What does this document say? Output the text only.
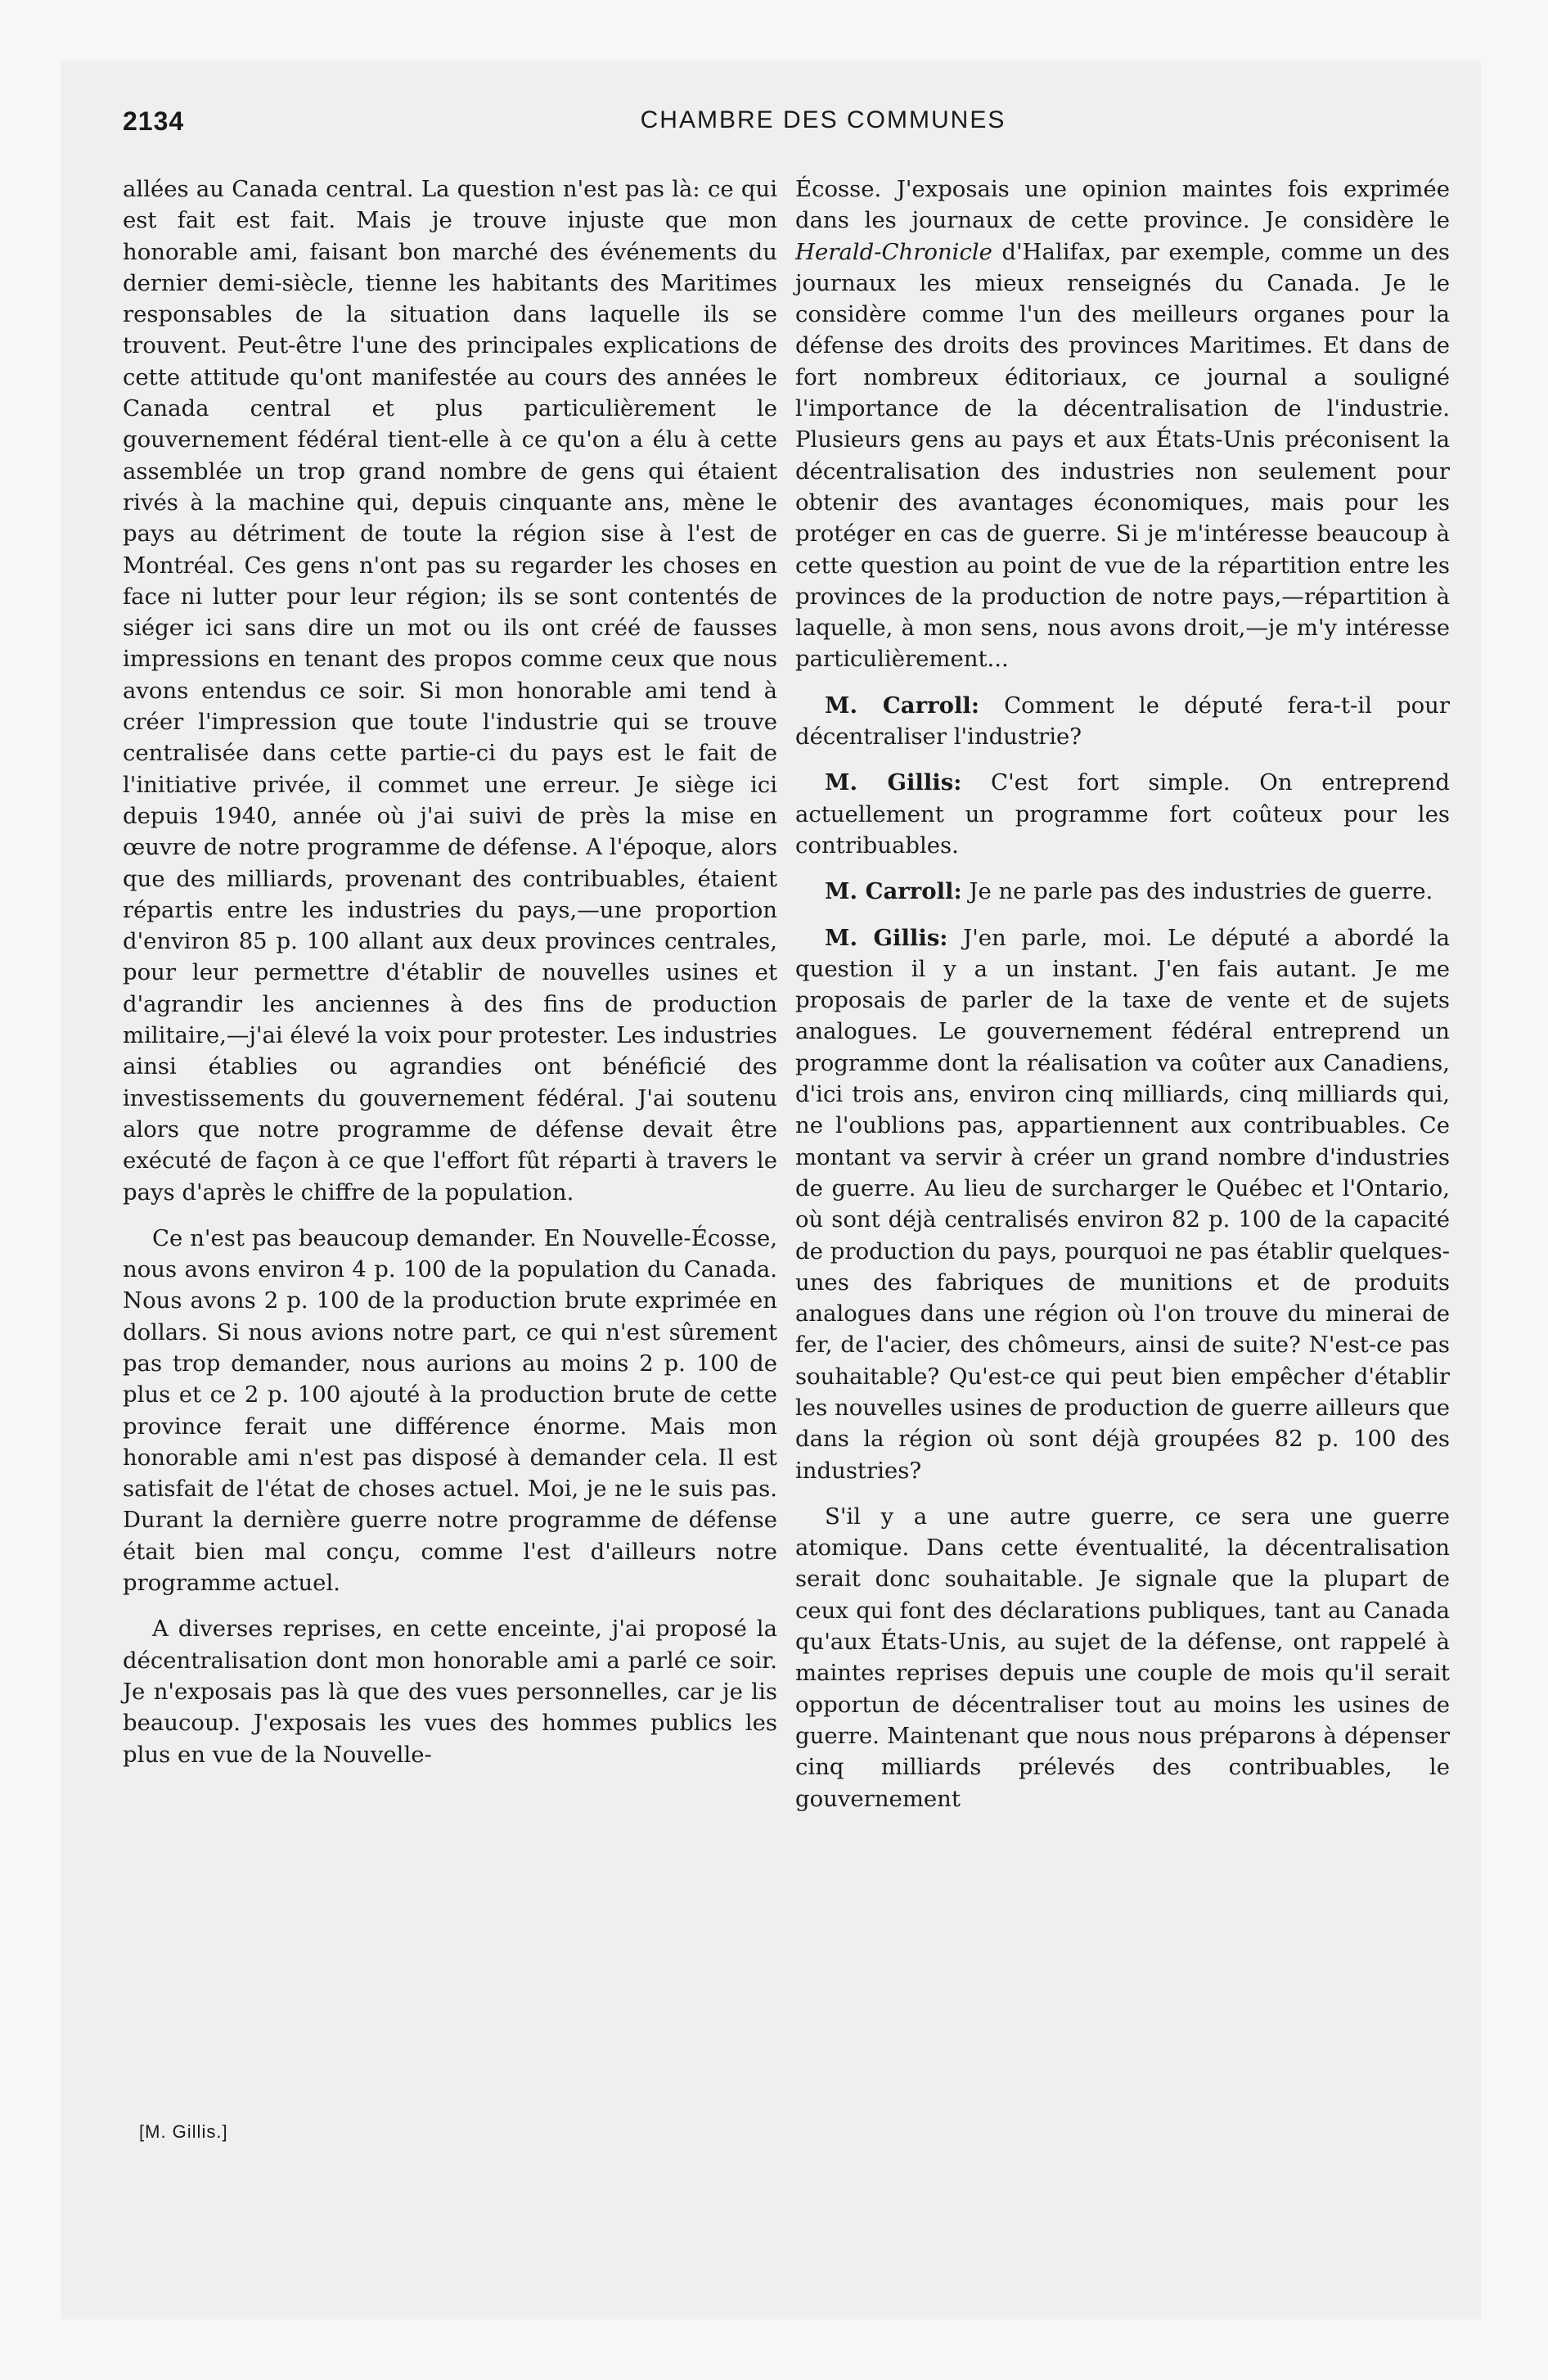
2134	CHAMBRE DES COMMUNES

allées au Canada central. La question n'est pas là: ce qui est fait est fait. Mais je trouve injuste que mon honorable ami, faisant bon marché des événements du dernier demi-siècle, tienne les habitants des Maritimes responsables de la situation dans laquelle ils se trouvent. Peut-être l'une des principales explications de cette attitude qu'ont manifestée au cours des années le Canada central et plus particulièrement le gouvernement fédéral tient-elle à ce qu'on a élu à cette assemblée un trop grand nombre de gens qui étaient rivés à la machine qui, depuis cinquante ans, mène le pays au détriment de toute la région sise à l'est de Montréal. Ces gens n'ont pas su regarder les choses en face ni lutter pour leur région; ils se sont contentés de siéger ici sans dire un mot ou ils ont créé de fausses impressions en tenant des propos comme ceux que nous avons entendus ce soir. Si mon honorable ami tend à créer l'impression que toute l'industrie qui se trouve centralisée dans cette partie-ci du pays est le fait de l'initiative privée, il commet une erreur. Je siège ici depuis 1940, année où j'ai suivi de près la mise en œuvre de notre programme de défense. A l'époque, alors que des milliards, provenant des contribuables, étaient répartis entre les industries du pays,—une proportion d'environ 85 p. 100 allant aux deux provinces centrales, pour leur permettre d'établir de nouvelles usines et d'agrandir les anciennes à des fins de production militaire,—j'ai élevé la voix pour protester. Les industries ainsi établies ou agrandies ont bénéficié des investissements du gouvernement fédéral. J'ai soutenu alors que notre programme de défense devait être exécuté de façon à ce que l'effort fût réparti à travers le pays d'après le chiffre de la population.

Ce n'est pas beaucoup demander. En Nouvelle-Écosse, nous avons environ 4 p. 100 de la population du Canada. Nous avons 2 p. 100 de la production brute exprimée en dollars. Si nous avions notre part, ce qui n'est sûrement pas trop demander, nous aurions au moins 2 p. 100 de plus et ce 2 p. 100 ajouté à la production brute de cette province ferait une différence énorme. Mais mon honorable ami n'est pas disposé à demander cela. Il est satisfait de l'état de choses actuel. Moi, je ne le suis pas. Durant la dernière guerre notre programme de défense était bien mal conçu, comme l'est d'ailleurs notre programme actuel.

A diverses reprises, en cette enceinte, j'ai proposé la décentralisation dont mon honorable ami a parlé ce soir. Je n'exposais pas là que des vues personnelles, car je lis beaucoup. J'exposais les vues des hommes publics les plus en vue de la Nouvelle-

Écosse. J'exposais une opinion maintes fois exprimée dans les journaux de cette province. Je considère le Herald-Chronicle d'Halifax, par exemple, comme un des journaux les mieux renseignés du Canada. Je le considère comme l'un des meilleurs organes pour la défense des droits des provinces Maritimes. Et dans de fort nombreux éditoriaux, ce journal a souligné l'importance de la décentralisation de l'industrie. Plusieurs gens au pays et aux États-Unis préconisent la décentralisation des industries non seulement pour obtenir des avantages économiques, mais pour les protéger en cas de guerre. Si je m'intéresse beaucoup à cette question au point de vue de la répartition entre les provinces de la production de notre pays,—répartition à laquelle, à mon sens, nous avons droit,—je m'y intéresse particulièrement...

M. Carroll: Comment le député fera-t-il pour décentraliser l'industrie?

M. Gillis: C'est fort simple. On entreprend actuellement un programme fort coûteux pour les contribuables.

M. Carroll: Je ne parle pas des industries de guerre.

M. Gillis: J'en parle, moi. Le député a abordé la question il y a un instant. J'en fais autant. Je me proposais de parler de la taxe de vente et de sujets analogues. Le gouvernement fédéral entreprend un programme dont la réalisation va coûter aux Canadiens, d'ici trois ans, environ cinq milliards, cinq milliards qui, ne l'oublions pas, appartiennent aux contribuables. Ce montant va servir à créer un grand nombre d'industries de guerre. Au lieu de surcharger le Québec et l'Ontario, où sont déjà centralisés environ 82 p. 100 de la capacité de production du pays, pourquoi ne pas établir quelques-unes des fabriques de munitions et de produits analogues dans une région où l'on trouve du minerai de fer, de l'acier, des chômeurs, ainsi de suite? N'est-ce pas souhaitable? Qu'est-ce qui peut bien empêcher d'établir les nouvelles usines de production de guerre ailleurs que dans la région où sont déjà groupées 82 p. 100 des industries?

S'il y a une autre guerre, ce sera une guerre atomique. Dans cette éventualité, la décentralisation serait donc souhaitable. Je signale que la plupart de ceux qui font des déclarations publiques, tant au Canada qu'aux États-Unis, au sujet de la défense, ont rappelé à maintes reprises depuis une couple de mois qu'il serait opportun de décentraliser tout au moins les usines de guerre. Maintenant que nous nous préparons à dépenser cinq milliards prélevés des contribuables, le gouvernement

[M. Gillis.]
